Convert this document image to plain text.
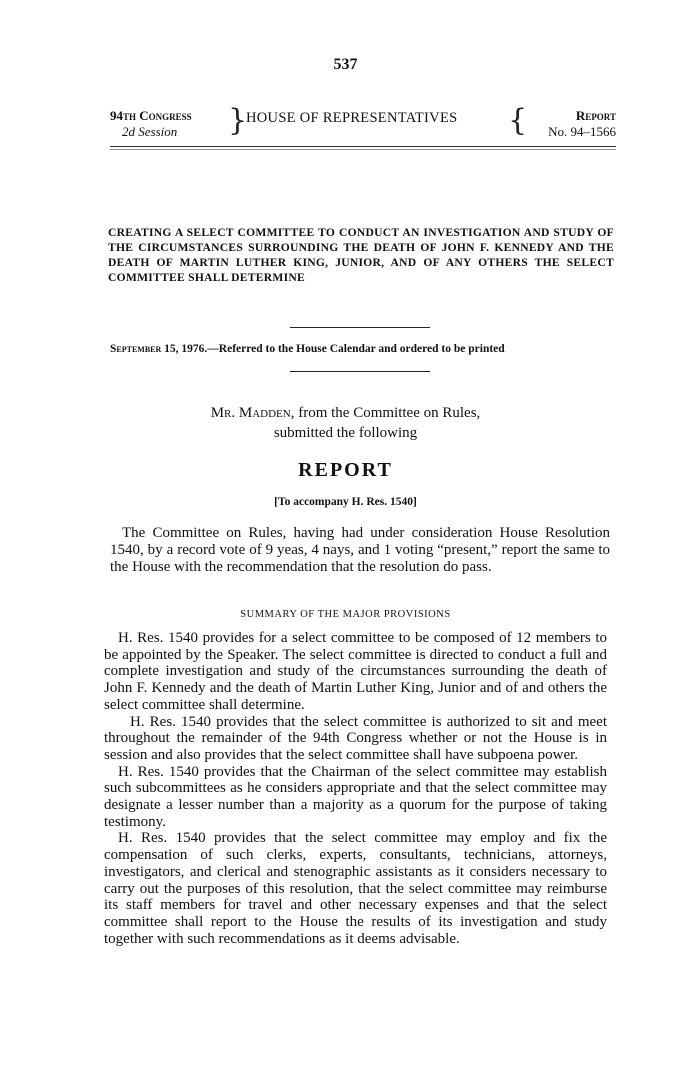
537
94th Congress
2d Session	}
HOUSE OF REPRESENTATIVES {	Report
No. 94–1566
CREATING A SELECT COMMITTEE TO CONDUCT AN INVESTIGATION AND STUDY OF THE CIRCUMSTANCES SURROUNDING THE DEATH OF JOHN F. KENNEDY AND THE DEATH OF MARTIN LUTHER KING, JUNIOR, AND OF ANY OTHERS THE SELECT COMMITTEE SHALL DETERMINE
September 15, 1976.—Referred to the House Calendar and ordered to be printed
Mr. Madden, from the Committee on Rules,
submitted the following
REPORT
[To accompany H. Res. 1540]
The Committee on Rules, having had under consideration House Resolution 1540, by a record vote of 9 yeas, 4 nays, and 1 voting “present,” report the same to the House with the recommendation that the resolution do pass.
SUMMARY OF THE MAJOR PROVISIONS

H. Res. 1540 provides for a select committee to be composed of 12 members to be appointed by the Speaker. The select committee is directed to conduct a full and complete investigation and study of the circumstances surrounding the death of John F. Kennedy and the death of Martin Luther King, Junior and of and others the select committee shall determine.

H. Res. 1540 provides that the select committee is authorized to sit and meet throughout the remainder of the 94th Congress whether or not the House is in session and also provides that the select committee shall have subpoena power.

H. Res. 1540 provides that the Chairman of the select committee may establish such subcommittees as he considers appropriate and that the select committee may designate a lesser number than a majority as a quorum for the purpose of taking testimony.

H. Res. 1540 provides that the select committee may employ and fix the compensation of such clerks, experts, consultants, technicians, attorneys, investigators, and clerical and stenographic assistants as it considers necessary to carry out the purposes of this resolution, that the select committee may reimburse its staff members for travel and other necessary expenses and that the select committee shall report to the House the results of its investigation and study together with such recommendations as it deems advisable.
